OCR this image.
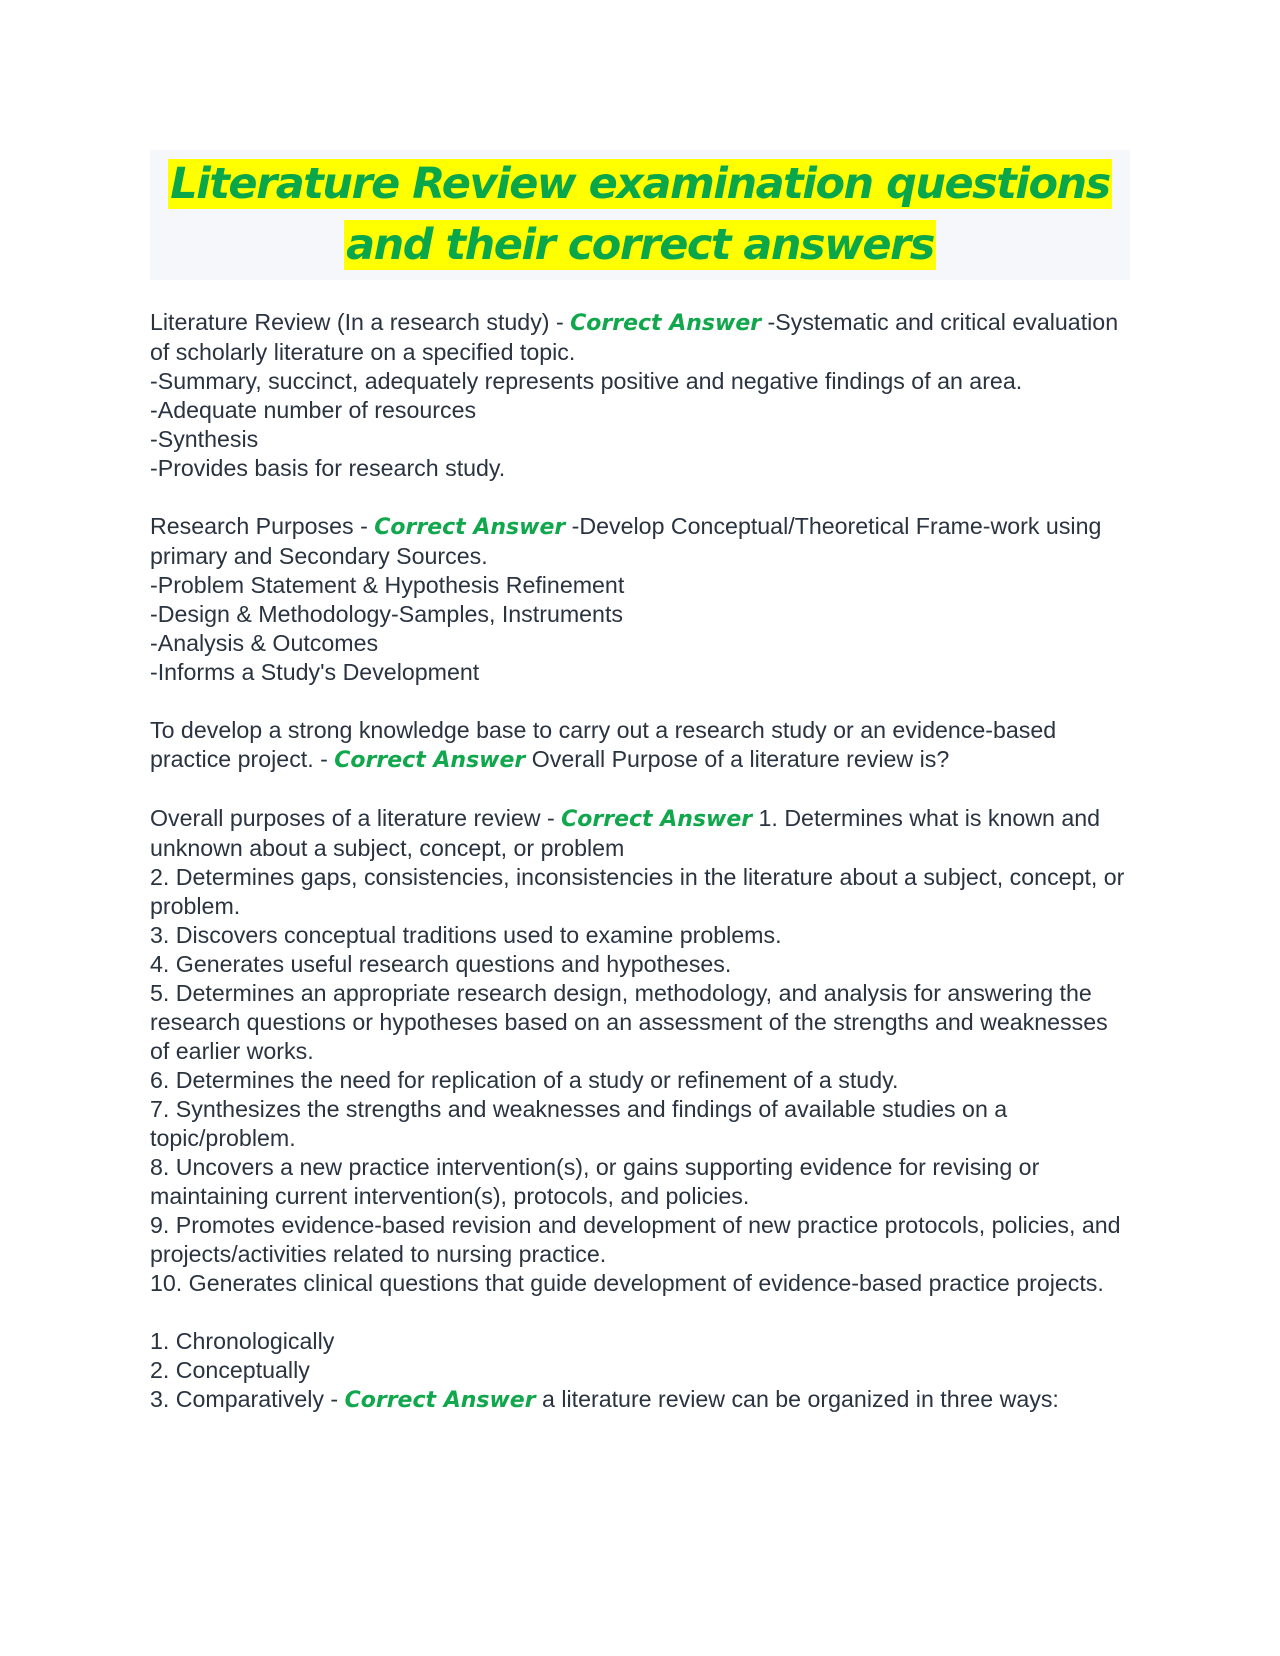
Literature Review examination questions and their correct answers

Literature Review (In a research study) - Correct Answer -Systematic and critical evaluation of scholarly literature on a specified topic.
-Summary, succinct, adequately represents positive and negative findings of an area.
-Adequate number of resources
-Synthesis
-Provides basis for research study.

Research Purposes - Correct Answer -Develop Conceptual/Theoretical Frame-work using primary and Secondary Sources.
-Problem Statement & Hypothesis Refinement
-Design & Methodology-Samples, Instruments
-Analysis & Outcomes
-Informs a Study's Development

To develop a strong knowledge base to carry out a research study or an evidence-based practice project. - Correct Answer Overall Purpose of a literature review is?

Overall purposes of a literature review - Correct Answer 1. Determines what is known and unknown about a subject, concept, or problem
2. Determines gaps, consistencies, inconsistencies in the literature about a subject, concept, or problem.
3. Discovers conceptual traditions used to examine problems.
4. Generates useful research questions and hypotheses.
5. Determines an appropriate research design, methodology, and analysis for answering the research questions or hypotheses based on an assessment of the strengths and weaknesses of earlier works.
6. Determines the need for replication of a study or refinement of a study.
7. Synthesizes the strengths and weaknesses and findings of available studies on a topic/problem.
8. Uncovers a new practice intervention(s), or gains supporting evidence for revising or maintaining current intervention(s), protocols, and policies.
9. Promotes evidence-based revision and development of new practice protocols, policies, and projects/activities related to nursing practice.
10. Generates clinical questions that guide development of evidence-based practice projects.

1. Chronologically
2. Conceptually
3. Comparatively - Correct Answer a literature review can be organized in three ways:
